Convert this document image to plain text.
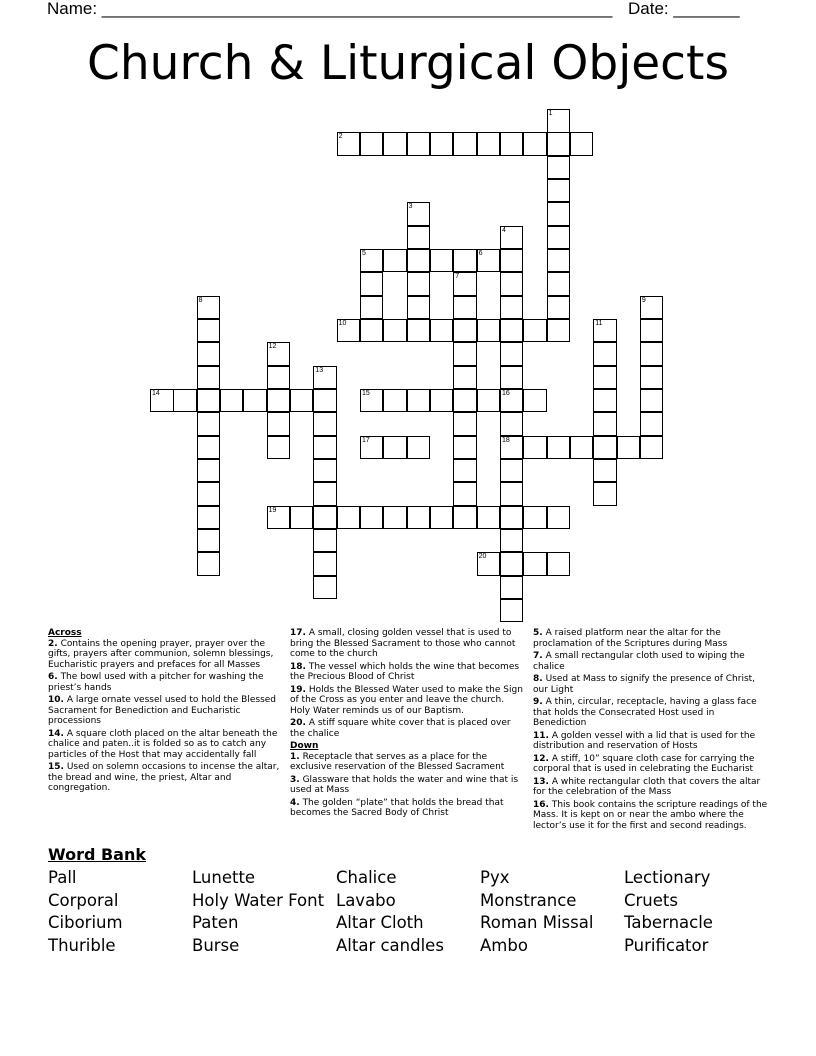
Name: ______________________________________________________ Date: _______
Church & Liturgical Objects
1
2
3
4
5	6
7
8	9
10	11
12
13
14	15	16
17	18
19
20
Across
2. Contains the opening prayer, prayer over the gifts, prayers after communion, solemn blessings, Eucharistic prayers and prefaces for all Masses
6. The bowl used with a pitcher for washing the priest’s hands
10. A large ornate vessel used to hold the Blessed Sacrament for Benediction and Eucharistic processions
14. A square cloth placed on the altar beneath the chalice and paten..it is folded so as to catch any particles of the Host that may accidentally fall
15. Used on solemn occasions to incense the altar, the bread and wine, the priest, Altar and congregation.
17. A small, closing golden vessel that is used to bring the Blessed Sacrament to those who cannot come to the church
18. The vessel which holds the wine that becomes the Precious Blood of Christ
19. Holds the Blessed Water used to make the Sign of the Cross as you enter and leave the church. Holy Water reminds us of our Baptism.
20. A stiff square white cover that is placed over the chalice
Down
1. Receptacle that serves as a place for the exclusive reservation of the Blessed Sacrament
3. Glassware that holds the water and wine that is used at Mass
4. The golden “plate” that holds the bread that becomes the Sacred Body of Christ
5. A raised platform near the altar for the proclamation of the Scriptures during Mass
7. A small rectangular cloth used to wiping the chalice
8. Used at Mass to signify the presence of Christ, our Light
9. A thin, circular, receptacle, having a glass face that holds the Consecrated Host used in Benediction
11. A golden vessel with a lid that is used for the distribution and reservation of Hosts
12. A stiff, 10” square cloth case for carrying the corporal that is used in celebrating the Eucharist
13. A white rectangular cloth that covers the altar for the celebration of the Mass
16. This book contains the scripture readings of the Mass. It is kept on or near the ambo where the lector’s use it for the first and second readings.
Word Bank
Pall
Corporal
Ciborium
Thurible
Lunette
Holy Water Font
Paten
Burse
Chalice
Lavabo
Altar Cloth
Altar candles
Pyx
Monstrance
Roman Missal
Ambo
Lectionary
Cruets
Tabernacle
Purificator
